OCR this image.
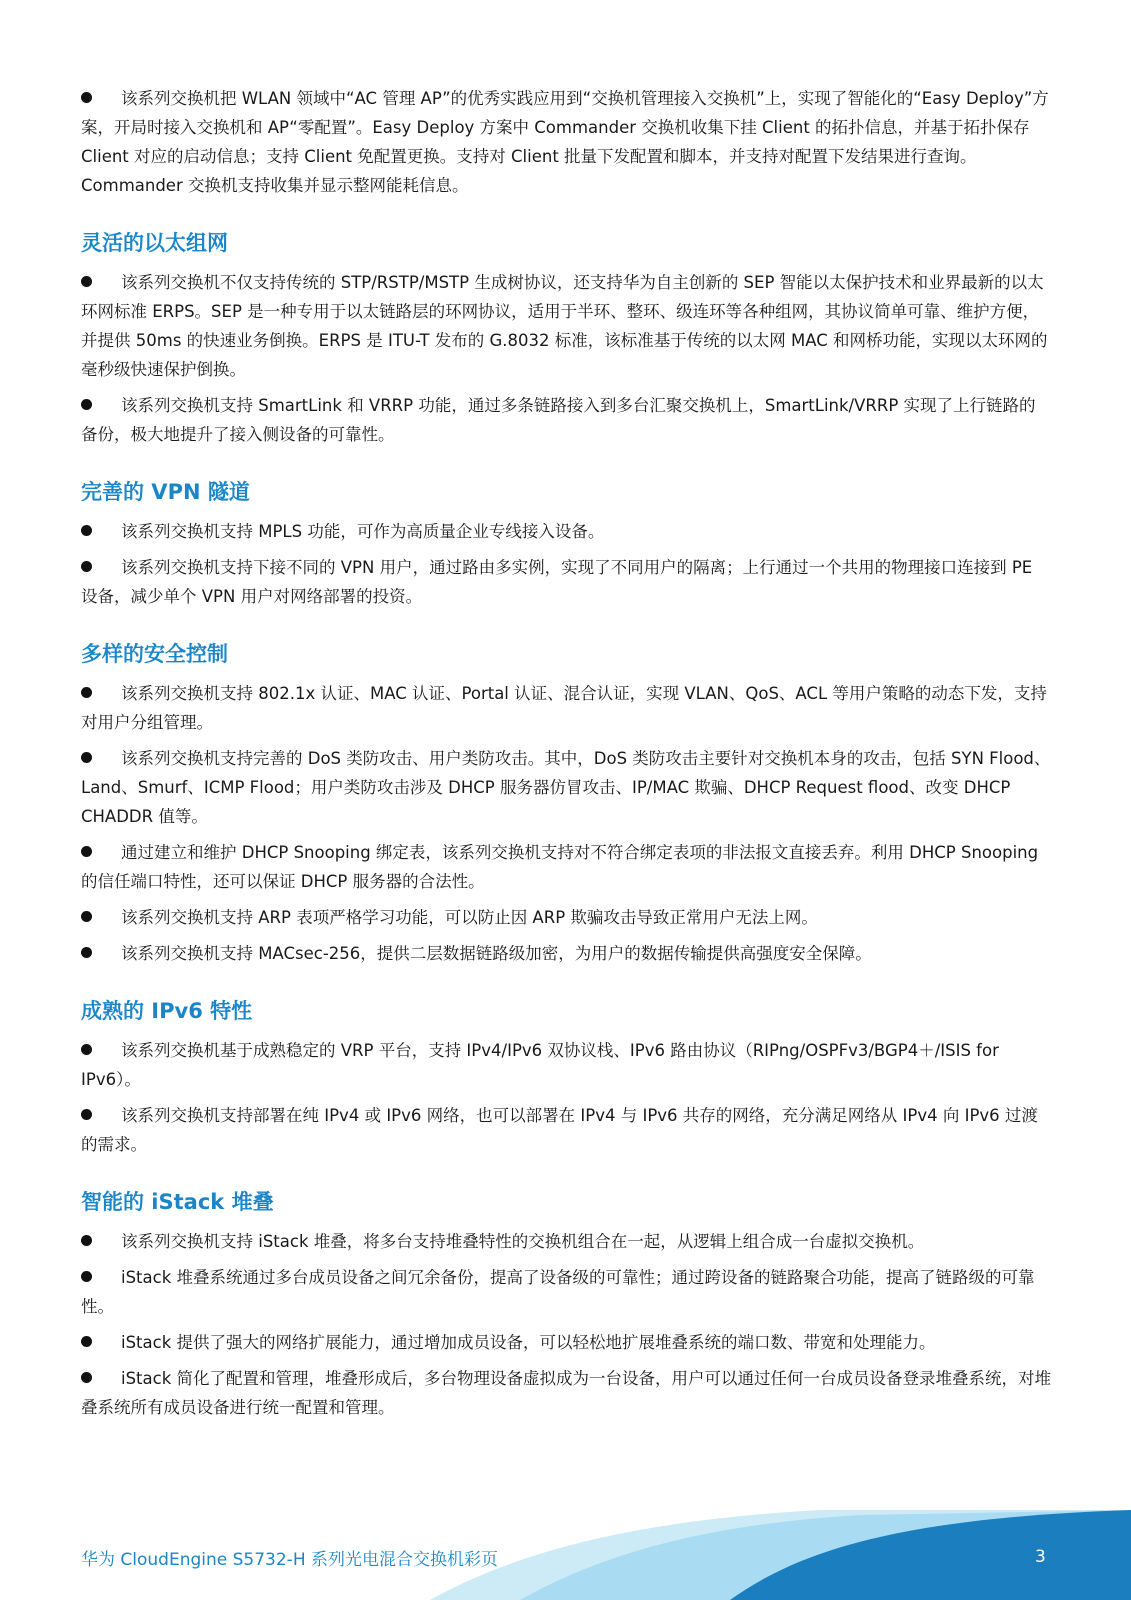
该系列交换机把 WLAN 领域中“AC 管理 AP”的优秀实践应用到“交换机管理接入交换机”上，实现了智能化的“Easy Deploy”方案，开局时接入交换机和 AP“零配置”。Easy Deploy 方案中 Commander 交换机收集下挂 Client 的拓扑信息，并基于拓扑保存 Client 对应的启动信息；支持 Client 免配置更换。支持对 Client 批量下发配置和脚本，并支持对配置下发结果进行查询。Commander 交换机支持收集并显示整网能耗信息。
灵活的以太组网
该系列交换机不仅支持传统的 STP/RSTP/MSTP 生成树协议，还支持华为自主创新的 SEP 智能以太保护技术和业界最新的以太环网标准 ERPS。SEP 是一种专用于以太链路层的环网协议，适用于半环、整环、级连环等各种组网，其协议简单可靠、维护方便，并提供 50ms 的快速业务倒换。ERPS 是 ITU-T 发布的 G.8032 标准，该标准基于传统的以太网 MAC 和网桥功能，实现以太环网的毫秒级快速保护倒换。
该系列交换机支持 SmartLink 和 VRRP 功能，通过多条链路接入到多台汇聚交换机上，SmartLink/VRRP 实现了上行链路的备份，极大地提升了接入侧设备的可靠性。
完善的 VPN 隧道
该系列交换机支持 MPLS 功能，可作为高质量企业专线接入设备。
该系列交换机支持下接不同的 VPN 用户，通过路由多实例，实现了不同用户的隔离；上行通过一个共用的物理接口连接到 PE 设备，减少单个 VPN 用户对网络部署的投资。
多样的安全控制
该系列交换机支持 802.1x 认证、MAC 认证、Portal 认证、混合认证，实现 VLAN、QoS、ACL 等用户策略的动态下发，支持对用户分组管理。
该系列交换机支持完善的 DoS 类防攻击、用户类防攻击。其中，DoS 类防攻击主要针对交换机本身的攻击，包括 SYN Flood、Land、Smurf、ICMP Flood；用户类防攻击涉及 DHCP 服务器仿冒攻击、IP/MAC 欺骗、DHCP Request flood、改变 DHCP CHADDR 值等。
通过建立和维护 DHCP Snooping 绑定表，该系列交换机支持对不符合绑定表项的非法报文直接丢弃。利用 DHCP Snooping 的信任端口特性，还可以保证 DHCP 服务器的合法性。
该系列交换机支持 ARP 表项严格学习功能，可以防止因 ARP 欺骗攻击导致正常用户无法上网。
该系列交换机支持 MACsec-256，提供二层数据链路级加密，为用户的数据传输提供高强度安全保障。
成熟的 IPv6 特性
该系列交换机基于成熟稳定的 VRP 平台，支持 IPv4/IPv6 双协议栈、IPv6 路由协议（RIPng/OSPFv3/BGP4＋/ISIS for IPv6）。
该系列交换机支持部署在纯 IPv4 或 IPv6 网络，也可以部署在 IPv4 与 IPv6 共存的网络，充分满足网络从 IPv4 向 IPv6 过渡的需求。
智能的 iStack 堆叠
该系列交换机支持 iStack 堆叠，将多台支持堆叠特性的交换机组合在一起，从逻辑上组合成一台虚拟交换机。
iStack 堆叠系统通过多台成员设备之间冗余备份，提高了设备级的可靠性；通过跨设备的链路聚合功能，提高了链路级的可靠性。
iStack 提供了强大的网络扩展能力，通过增加成员设备，可以轻松地扩展堆叠系统的端口数、带宽和处理能力。
iStack 简化了配置和管理，堆叠形成后，多台物理设备虚拟成为一台设备，用户可以通过任何一台成员设备登录堆叠系统，对堆叠系统所有成员设备进行统一配置和管理。
华为 CloudEngine S5732-H 系列光电混合交换机彩页	3
